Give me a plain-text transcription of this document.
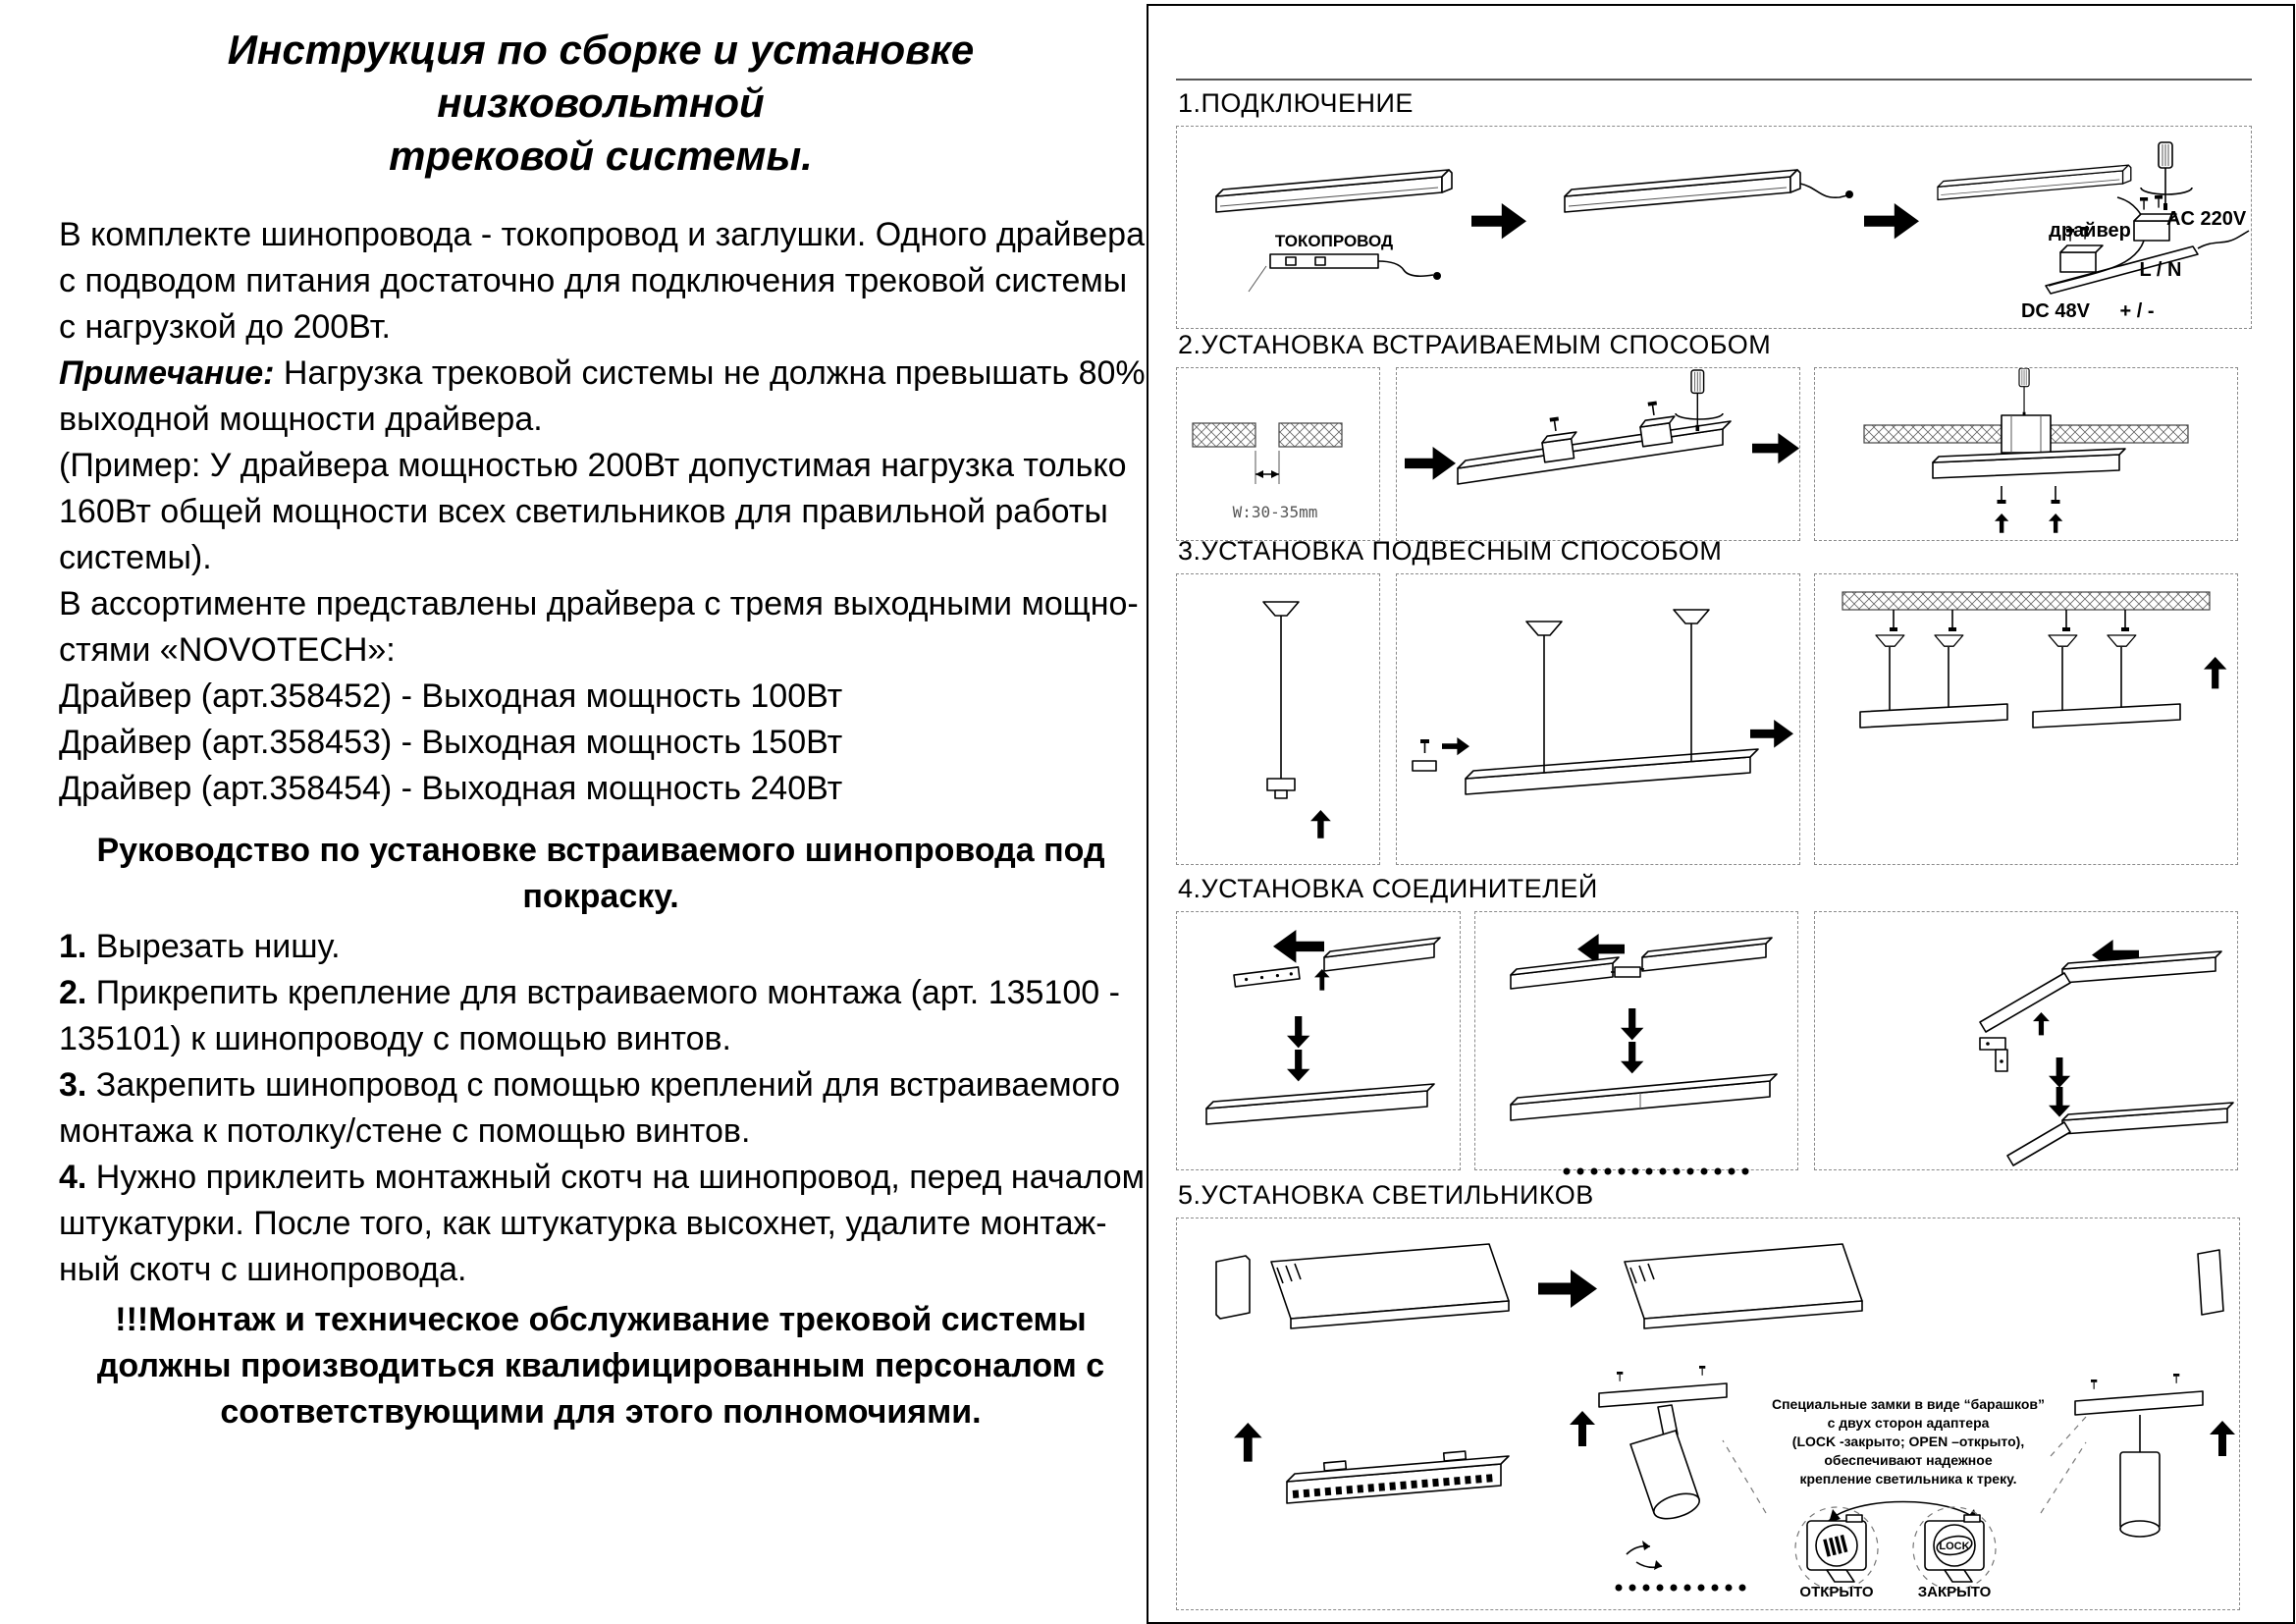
Инструкция по сборке и установке низковольтной
трековой системы.
В комплекте шинопровода - токопровод и заглушки. Одного драйвера
с подводом питания достаточно для подключения трековой системы
с нагрузкой до 200Вт.
Примечание: Нагрузка трековой системы не должна превышать 80%
выходной мощности драйвера.
(Пример: У драйвера мощностью 200Вт допустимая нагрузка только
160Вт общей мощности всех светильников для правильной работы
системы).
В ассортименте представлены драйвера с тремя выходными мощно-
стями «NOVOTECH»:
Драйвер (арт.358452) - Выходная мощность 100Вт
Драйвер (арт.358453) - Выходная мощность 150Вт
Драйвер (арт.358454) - Выходная мощность 240Вт
Руководство по установке встраиваемого шинопровода под
покраску.
1. Вырезать нишу.
2. Прикрепить крепление для встраиваемого монтажа (арт. 135100 -
135101) к шинопроводу с помощью винтов.
3. Закрепить шинопровод с помощью креплений для встраиваемого
монтажа к потолку/стене с помощью винтов.
4. Нужно приклеить монтажный скотч на шинопровод, перед началом
штукатурки. После того, как штукатурка высохнет, удалите монтаж-
ный скотч с шинопровода.
!!!Монтаж и техническое обслуживание трековой системы
должны производиться квалифицированным персоналом с
соответствующими для этого полномочиями.
1.ПОДКЛЮЧЕНИЕ
ТОКОПРОВОД	драйвер
AC 220V
L / N
DC 48V + / -
2.УСТАНОВКА ВСТРАИВАЕМЫМ СПОСОБОМ
W:30-35mm
3.УСТАНОВКА ПОДВЕСНЫМ СПОСОБОМ
4.УСТАНОВКА СОЕДИНИТЕЛЕЙ
5.УСТАНОВКА СВЕТИЛЬНИКОВ
LOCK
Специальные замки в виде “барашков”
с двух сторон адаптера
(LOCK -закрыто; OPEN –открыто),
обеспечивают надежное
крепление светильника к треку.
ОТКРЫТО	ЗАКРЫТО
